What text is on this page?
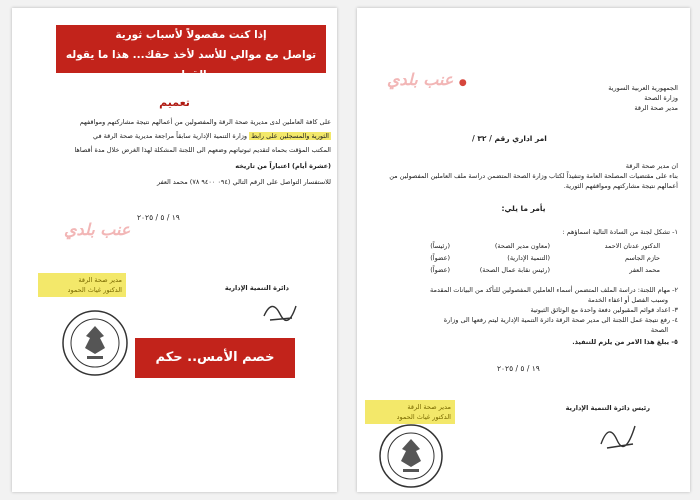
تعميم
على كافة العاملين لدى مديرية صحة الرقة والمفصولين من أعمالهم نتيجة مشاركتهم ومواقفهم
الثورية والمسجلين على رابط وزارة التنمية الإدارية سابقاً مراجعة مديرية صحة الرقة في
المكتب المؤقت بحماه لتقديم ثبوتياتهم وضعهم الى اللجنة المشكلة لهذا الغرض خلال مدة أقصاها
(عشرة أيام) اعتباراً من تاريخه
للاستفسار التواصل على الرقم التالي (٠٩٤ ٩٤٠٠ ٧٨) محمد العفر
عنب بلدي
١٩ / ٥ / ٢٠٢٥
مدير صحة الرقة
الدكتور غياث الحمود	دائرة التنمية الإدارية
إذا كنت مفصولاً لأسباب ثورية
تواصل مع موالي للأسد لأخذ حقك... هذا ما يقوله القرار
خصم الأمس.. حكم اليوم!
● عنب بلدي	الجمهورية العربية السورية
وزارة الصحة
مدير صحة الرقة
امر اداري رقم / ٣٢ /
ان مدير صحة الرقة
بناء على مقتضيات المصلحة العامة وتنفيذاً لكتاب وزارة الصحة المتضمن دراسة ملف العاملين المفصولين من
أعمالهم نتيجة مشاركتهم ومواقفهم الثورية.
يأمر ما يلي:
١- تشكل لجنة من السادة التالية اسماؤهم :
الدكتور عدنان الاحمد
(معاون مدير الصحة)
(رئيساً)
حازم الجاسم
(التنمية الإدارية)
(عضواً)
محمد العفر
(رئيس نقابة عمال الصحة)
(عضواً)
٢- مهام اللجنة: دراسة الملف المتضمن أسماء العاملين المفصولين للتأكد من البيانات المقدمة
وسبب الفصل أو اعفاء الخدمة
٣- اعداد قوائم المقبولين دفعة واحدة مع الوثائق الثبوتية
٤- رفع نتيجة عمل اللجنة الى مدير صحة الرقة دائرة التنمية الإدارية ليتم رفعها الى وزارة
الصحة
٥- يبلغ هذا الامر من يلزم للتنفيذ.
١٩ / ٥ / ٢٠٢٥
مدير صحة الرقة
الدكتور غياث الحمود
رئيس دائرة التنمية الإدارية
